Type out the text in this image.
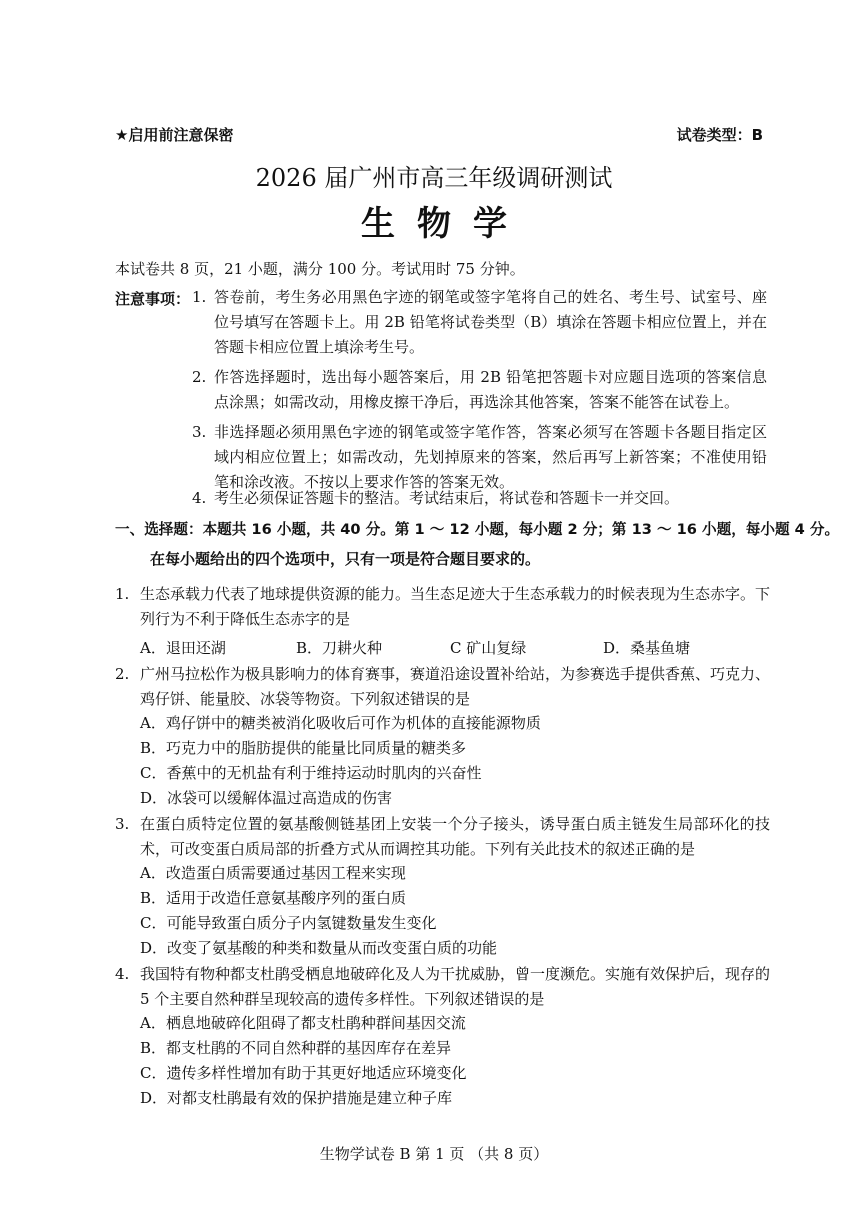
★启用前注意保密	试卷类型：B
2026 届广州市高三年级调研测试
生物学
本试卷共 8 页，21 小题，满分 100 分。考试用时 75 分钟。
注意事项： 1. 答卷前，考生务必用黑色字迹的钢笔或签字笔将自己的姓名、考生号、试室号、座位号填写在答题卡上。用 2B 铅笔将试卷类型（B）填涂在答题卡相应位置上，并在答题卡相应位置上填涂考生号。
2. 作答选择题时，选出每小题答案后，用 2B 铅笔把答题卡对应题目选项的答案信息点涂黑；如需改动，用橡皮擦干净后，再选涂其他答案，答案不能答在试卷上。
3. 非选择题必须用黑色字迹的钢笔或签字笔作答，答案必须写在答题卡各题目指定区域内相应位置上；如需改动，先划掉原来的答案，然后再写上新答案；不准使用铅笔和涂改液。不按以上要求作答的答案无效。
4. 考生必须保证答题卡的整洁。考试结束后，将试卷和答题卡一并交回。
一、选择题：本题共 16 小题，共 40 分。第 1 ～ 12 小题，每小题 2 分；第 13 ～ 16 小题，每小题 4 分。
在每小题给出的四个选项中，只有一项是符合题目要求的。
1. 生态承载力代表了地球提供资源的能力。当生态足迹大于生态承载力的时候表现为生态赤字。下列行为不利于降低生态赤字的是
A．退田还湖	B．刀耕火种	C 矿山复绿	D．桑基鱼塘
2. 广州马拉松作为极具影响力的体育赛事，赛道沿途设置补给站，为参赛选手提供香蕉、巧克力、鸡仔饼、能量胶、冰袋等物资。下列叙述错误的是
A．鸡仔饼中的糖类被消化吸收后可作为机体的直接能源物质
B．巧克力中的脂肪提供的能量比同质量的糖类多
C．香蕉中的无机盐有利于维持运动时肌肉的兴奋性
D．冰袋可以缓解体温过高造成的伤害
3. 在蛋白质特定位置的氨基酸侧链基团上安装一个分子接头，诱导蛋白质主链发生局部环化的技术，可改变蛋白质局部的折叠方式从而调控其功能。下列有关此技术的叙述正确的是
A．改造蛋白质需要通过基因工程来实现
B．适用于改造任意氨基酸序列的蛋白质
C．可能导致蛋白质分子内氢键数量发生变化
D．改变了氨基酸的种类和数量从而改变蛋白质的功能
4. 我国特有物种都支杜鹃受栖息地破碎化及人为干扰威胁，曾一度濒危。实施有效保护后，现存的 5 个主要自然种群呈现较高的遗传多样性。下列叙述错误的是
A．栖息地破碎化阻碍了都支杜鹃种群间基因交流
B．都支杜鹃的不同自然种群的基因库存在差异
C．遗传多样性增加有助于其更好地适应环境变化
D．对都支杜鹃最有效的保护措施是建立种子库
生物学试卷 B 第 1 页 （共 8 页）
